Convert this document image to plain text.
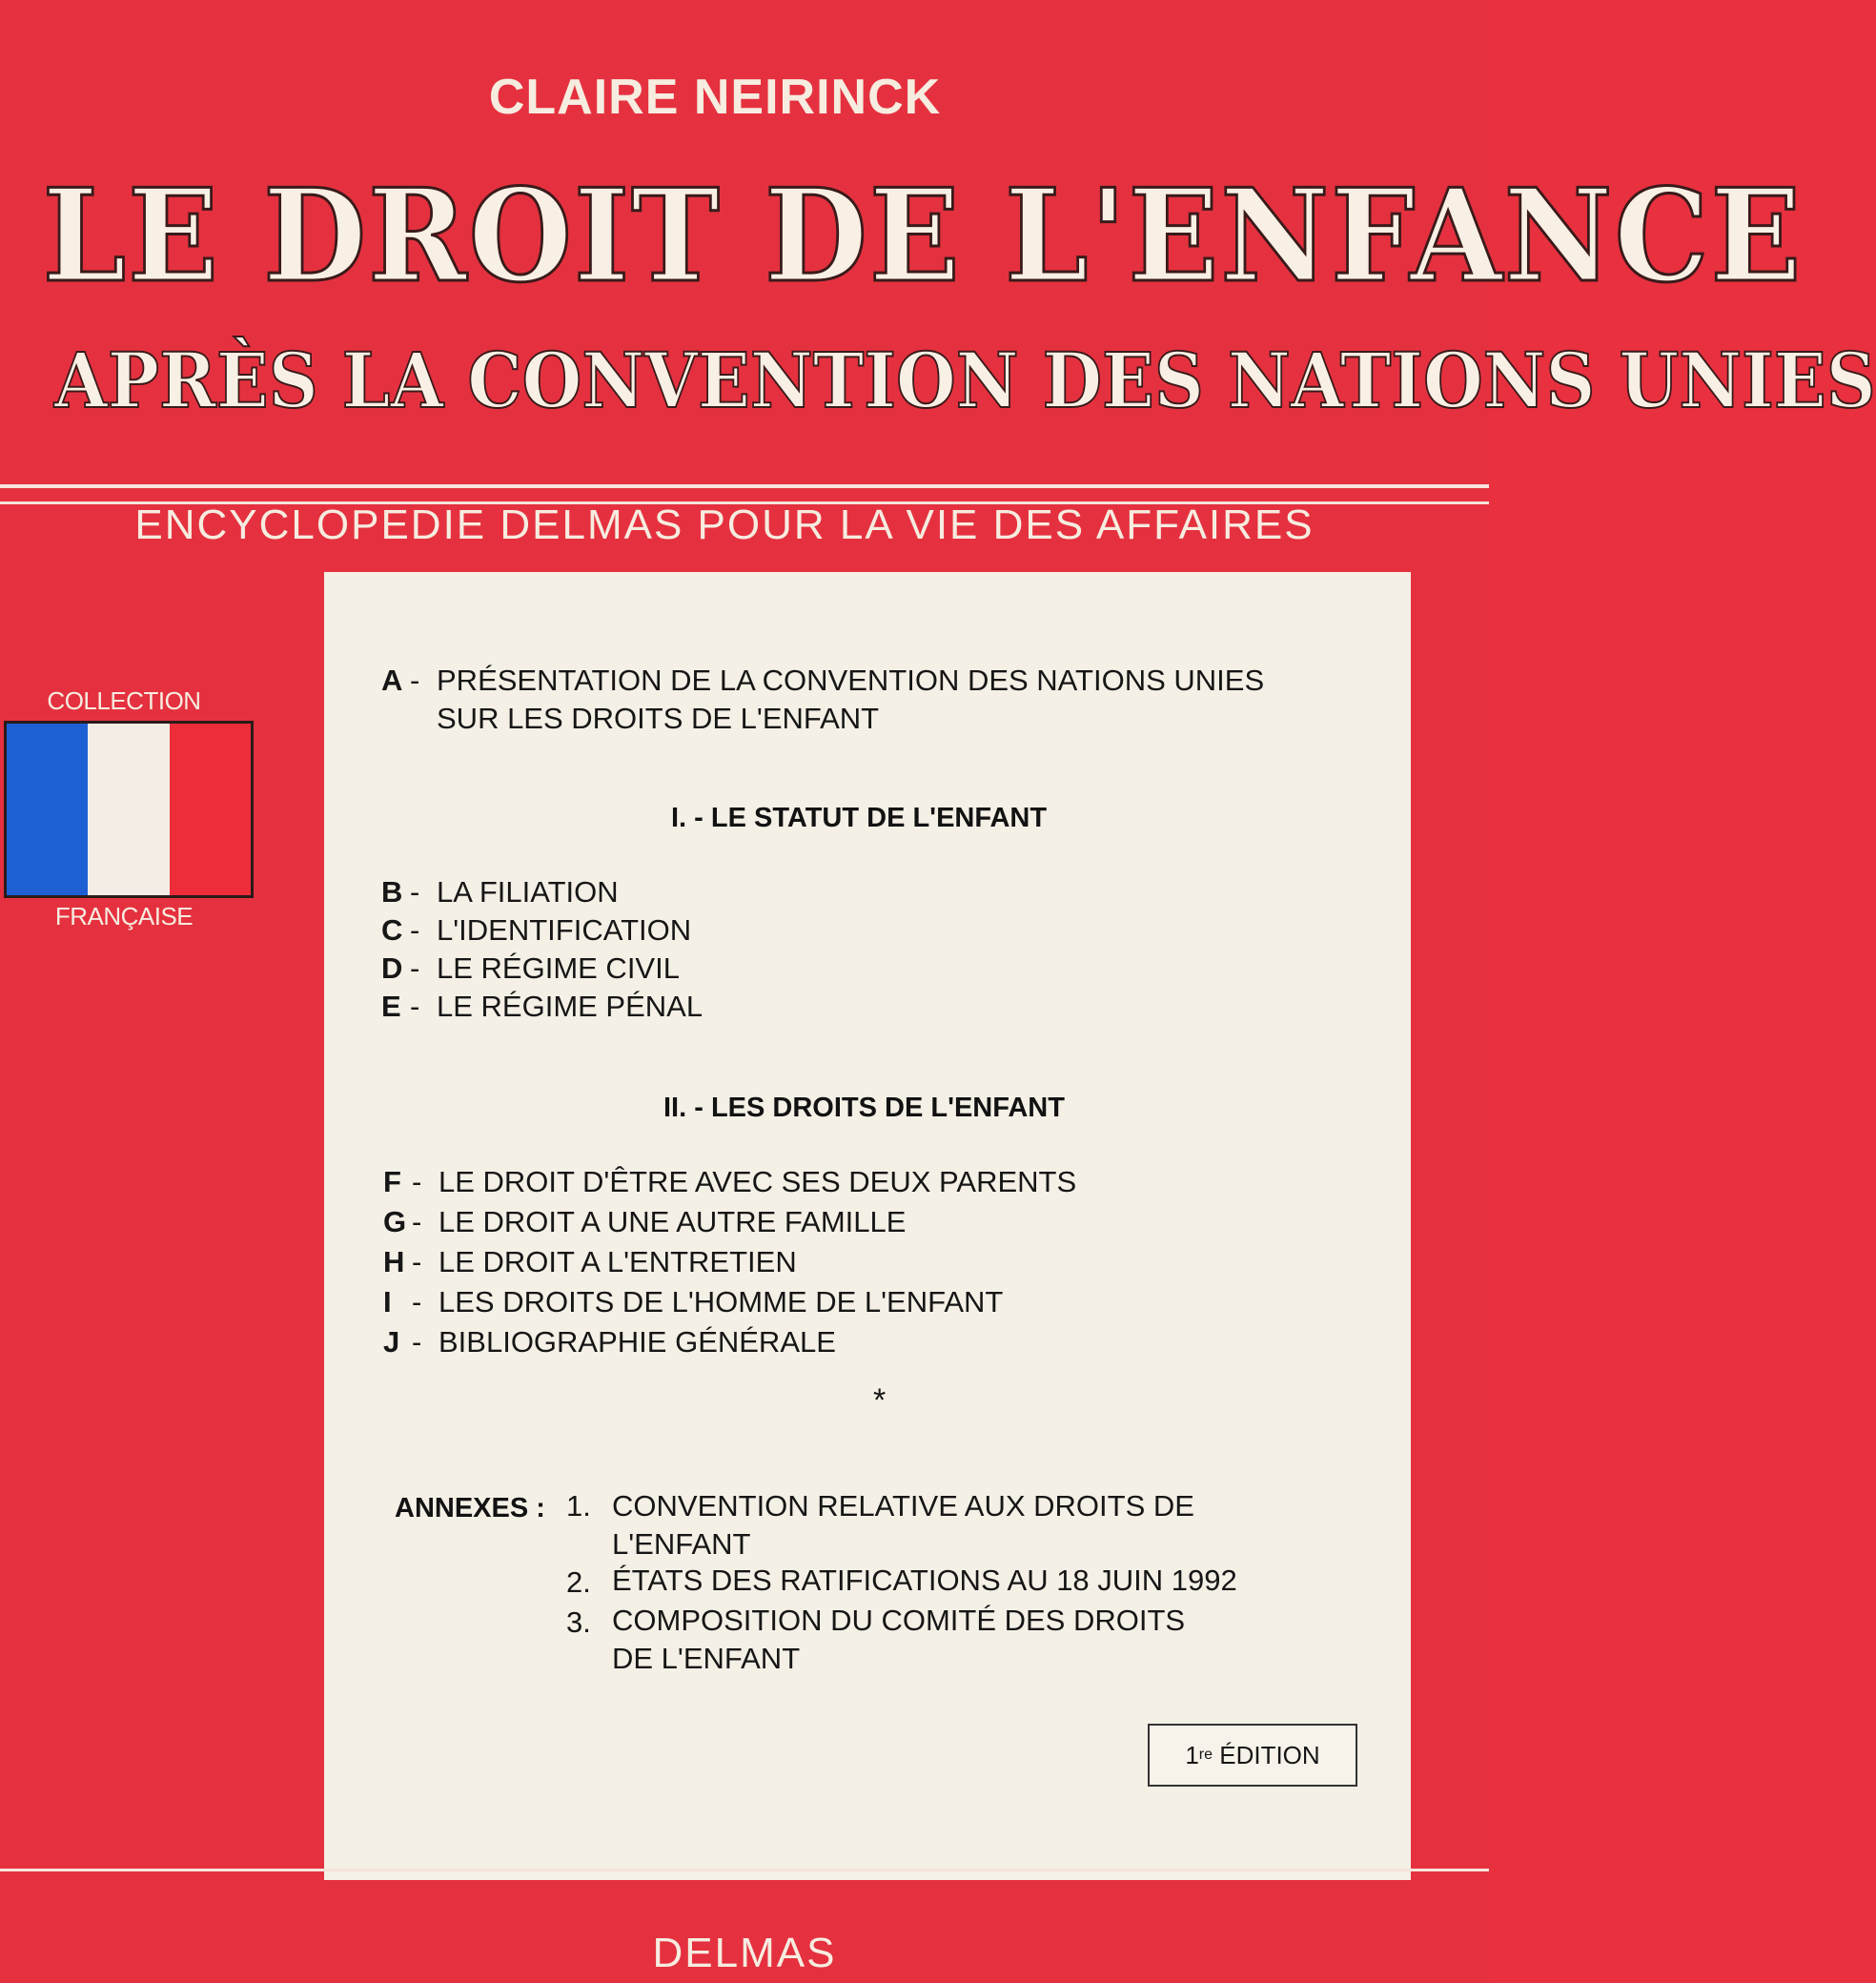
CLAIRE NEIRINCK
LE DROIT DE L'ENFANCE
APRÈS LA CONVENTION DES NATIONS UNIES
ENCYCLOPEDIE DELMAS POUR LA VIE DES AFFAIRES
COLLECTION
FRANÇAISE
A - PRÉSENTATION DE LA CONVENTION DES NATIONS UNIES
SUR LES DROITS DE L'ENFANT
I. - LE STATUT DE L'ENFANT
B - LA FILIATION
C - L'IDENTIFICATION
D - LE RÉGIME CIVIL
E - LE RÉGIME PÉNAL
II. - LES DROITS DE L'ENFANT
F - LE DROIT D'ÊTRE AVEC SES DEUX PARENTS
G - LE DROIT A UNE AUTRE FAMILLE
H - LE DROIT A L'ENTRETIEN
I - LES DROITS DE L'HOMME DE L'ENFANT
J - BIBLIOGRAPHIE GÉNÉRALE
*
ANNEXES : 1. CONVENTION RELATIVE AUX DROITS DE
L'ENFANT
2. ÉTATS DES RATIFICATIONS AU 18 JUIN 1992
3. COMPOSITION DU COMITÉ DES DROITS
DE L'ENFANT
1 re ÉDITION
DELMAS
